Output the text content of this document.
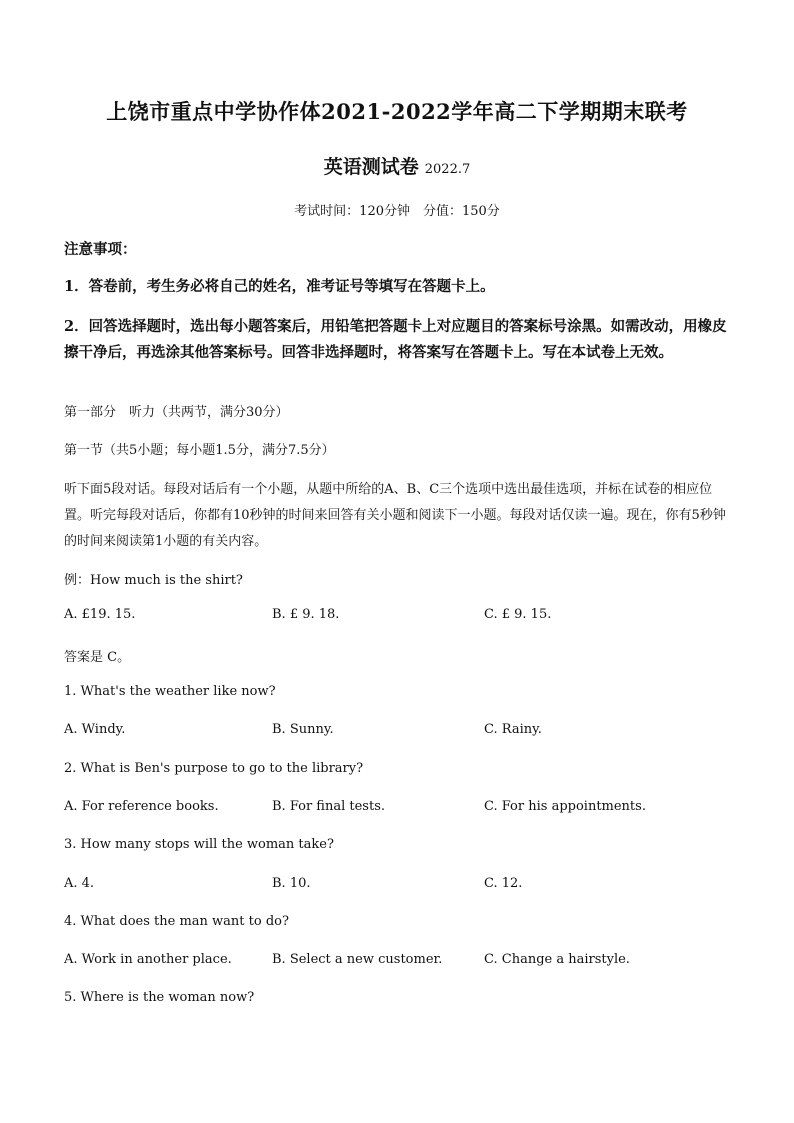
上饶市重点中学协作体2021-2022学年高二下学期期末联考
英语测试卷 2022.7
考试时间：120分钟　分值：150分
注意事项：
1．答卷前，考生务必将自己的姓名，准考证号等填写在答题卡上。
2．回答选择题时，选出每小题答案后，用铅笔把答题卡上对应题目的答案标号涂黑。如需改动，用橡皮擦干净后，再选涂其他答案标号。回答非选择题时，将答案写在答题卡上。写在本试卷上无效。
第一部分　听力（共两节，满分30分）
第一节（共5小题；每小题1.5分，满分7.5分）
听下面5段对话。每段对话后有一个小题，从题中所给的A、B、C三个选项中选出最佳选项，并标在试卷的相应位置。听完每段对话后，你都有10秒钟的时间来回答有关小题和阅读下一小题。每段对话仅读一遍。现在，你有5秒钟的时间来阅读第1小题的有关内容。
例：How much is the shirt?
A. £19. 15.	B. £ 9. 18.	C. £ 9. 15.
答案是 C。
1. What's the weather like now?
A. Windy.	B. Sunny.	C. Rainy.
2. What is Ben's purpose to go to the library?
A. For reference books.	B. For final tests.	C. For his appointments.
3. How many stops will the woman take?
A. 4.	B. 10.	C. 12.
4. What does the man want to do?
A. Work in another place.	B. Select a new customer.	C. Change a hairstyle.
5. Where is the woman now?
